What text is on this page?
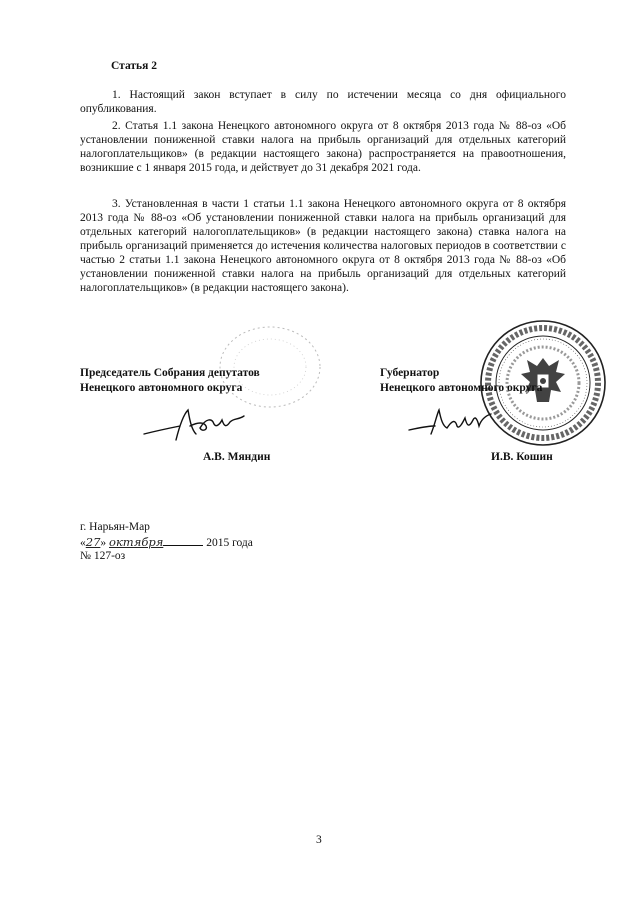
Статья 2

1. Настоящий закон вступает в силу по истечении месяца со дня официального опубликования.

2. Статья 1.1 закона Ненецкого автономного округа от 8 октября 2013 года № 88-оз «Об установлении пониженной ставки налога на прибыль организаций для отдельных категорий налогоплательщиков» (в редакции настоящего закона) распространяется на правоотношения, возникшие с 1 января 2015 года, и действует до 31 декабря 2021 года.

3. Установленная в части 1 статьи 1.1 закона Ненецкого автономного округа от 8 октября 2013 года № 88-оз «Об установлении пониженной ставки налога на прибыль организаций для отдельных категорий налогоплательщиков» (в редакции настоящего закона) ставка налога на прибыль организаций применяется до истечения количества налоговых периодов в соответствии с частью 2 статьи 1.1 закона Ненецкого автономного округа от 8 октября 2013 года № 88-оз «Об установлении пониженной ставки налога на прибыль организаций для отдельных категорий налогоплательщиков» (в редакции настоящего закона).

Председатель Собрания депутатов
Ненецкого автономного округа
Губернатор
Ненецкого автономного округа
А.В. Мяндин	И.В. Кошин
г. Нарьян-Мар
«27» октября	2015 года
№ 127-оз
3
